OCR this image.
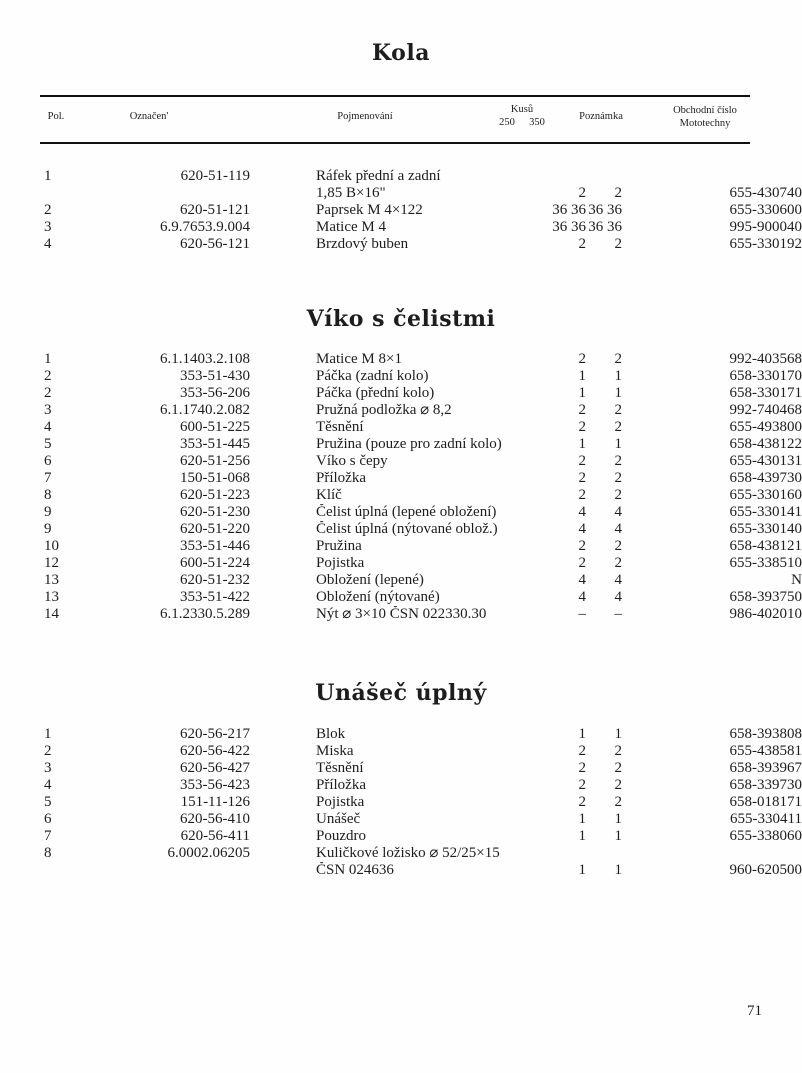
Kola
Pol.	Označen'	Pojmenování
Kusů
250	350
Poznámka
Obchodní číslo
Mototechny
1	620-51-119		Ráfek přední a zadní				
			1,85 B×16"	2	2		655-430740
2	620-51-121		Paprsek M 4×122	36 36	36 36		655-330600
3	6.9.7653.9.004		Matice M 4	36 36	36 36		995-900040
4	620-56-121		Brzdový buben	2	2		655-330192
Víko s čelistmi
1	6.1.1403.2.108		Matice M 8×1	2	2		992-403568
2	353-51-430		Páčka (zadní kolo)	1	1		658-330170
2	353-56-206		Páčka (přední kolo)	1	1		658-330171
3	6.1.1740.2.082		Pružná podložka ⌀ 8,2	2	2		992-740468
4	600-51-225		Těsnění	2	2		655-493800
5	353-51-445		Pružina (pouze pro zadní kolo)	1	1		658-438122
6	620-51-256		Víko s čepy	2	2		655-430131
7	150-51-068		Příložka	2	2		658-439730
8	620-51-223		Klíč	2	2		655-330160
9	620-51-230		Čelist úplná (lepené obložení)	4	4		655-330141
9	620-51-220		Čelist úplná (nýtované oblož.)	4	4		655-330140
10	353-51-446		Pružina	2	2		658-438121
12	600-51-224		Pojistka	2	2		655-338510
13	620-51-232		Obložení (lepené)	4	4		N
13	353-51-422		Obložení (nýtované)	4	4		658-393750
14	6.1.2330.5.289		Nýt ⌀ 3×10 ČSN 022330.30	–	–		986-402010
Unášeč úplný
1	620-56-217		Blok	1	1		658-393808
2	620-56-422		Miska	2	2		655-438581
3	620-56-427		Těsnění	2	2		658-393967
4	353-56-423		Příložka	2	2		658-339730
5	151-11-126		Pojistka	2	2		658-018171
6	620-56-410		Unášeč	1	1		655-330411
7	620-56-411		Pouzdro	1	1		655-338060
8	6.0002.06205		Kuličkové ložisko ⌀ 52/25×15				
			ČSN 024636	1	1		960-620500
71
